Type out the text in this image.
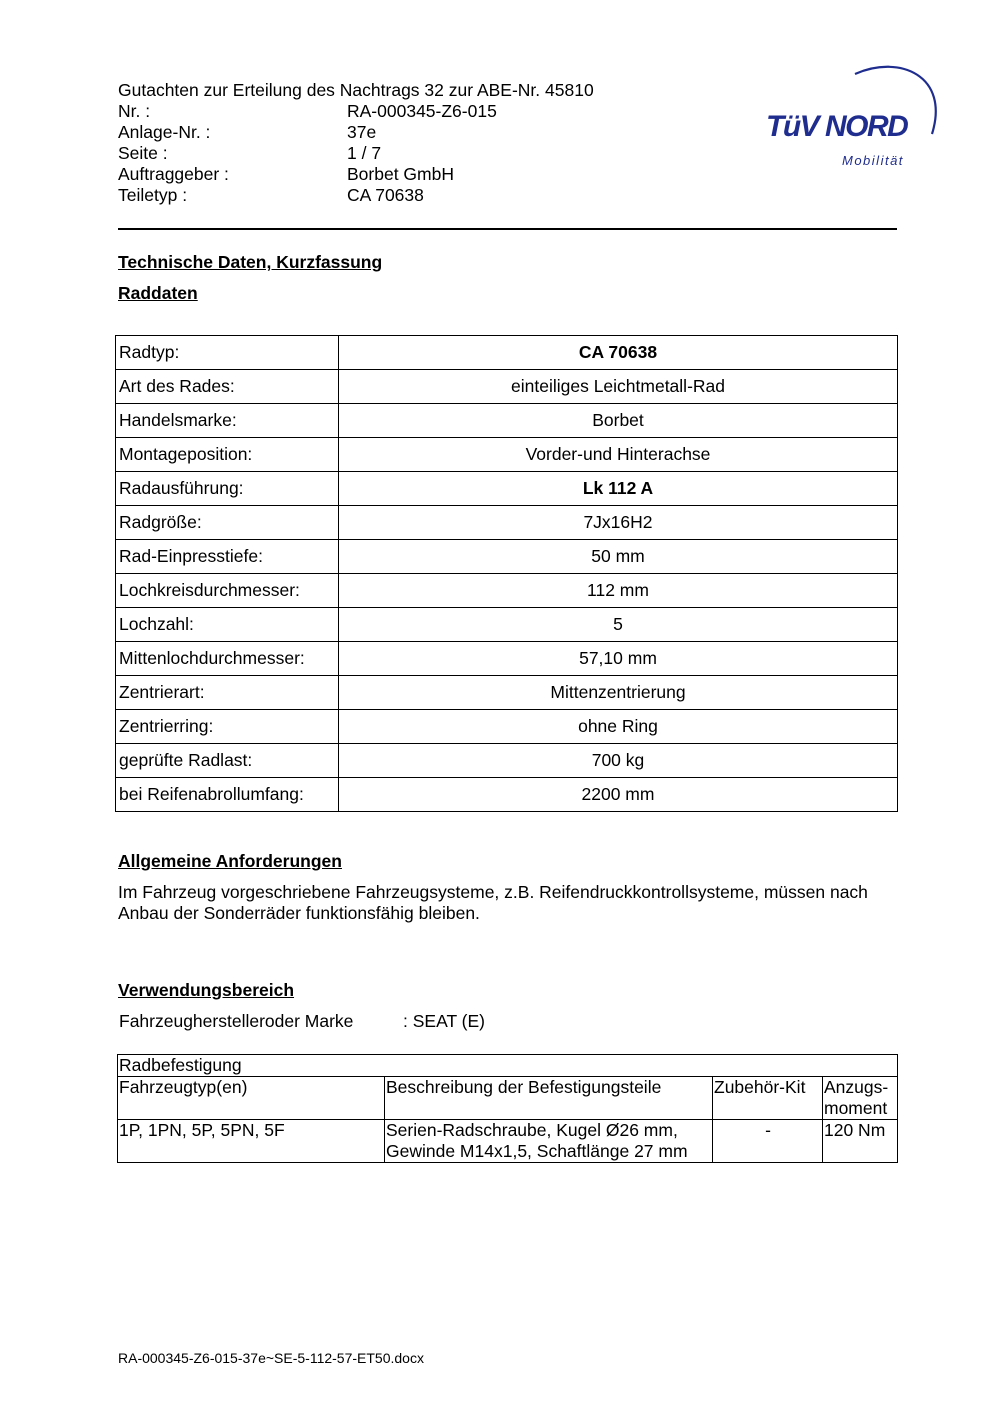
Gutachten zur Erteilung des Nachtrags 32 zur ABE-Nr. 45810
Nr. :	RA-000345-Z6-015
Anlage-Nr. :	37e
Seite :	1 / 7
Auftraggeber :	Borbet GmbH
Teiletyp :	CA 70638
TüV NORD
Mobilität
Technische Daten, Kurzfassung
Raddaten
Radtyp:	CA 70638
Art des Rades:	einteiliges Leichtmetall-Rad
Handelsmarke:	Borbet
Montageposition:	Vorder-und Hinterachse
Radausführung:	Lk 112 A
Radgröße:	7Jx16H2
Rad-Einpresstiefe:	50 mm
Lochkreisdurchmesser:	112 mm
Lochzahl:	5
Mittenlochdurchmesser:	57,10 mm
Zentrierart:	Mittenzentrierung
Zentrierring:	ohne Ring
geprüfte Radlast:	700 kg
bei Reifenabrollumfang:	2200 mm
Allgemeine Anforderungen
Im Fahrzeug vorgeschriebene Fahrzeugsysteme, z.B. Reifendruckkontrollsysteme, müssen nach Anbau der Sonderräder funktionsfähig bleiben.
Verwendungsbereich
Fahrzeugherstelleroder Marke	: SEAT (E)
Radbefestigung			
Fahrzeugtyp(en)	Beschreibung der Befestigungsteile	Zubehör-Kit	Anzugs-
moment

1P, 1PN, 5P, 5PN, 5F	Serien-Radschraube, Kugel Ø26 mm,
Gewinde M14x1,5, Schaftlänge 27 mm	-	120 Nm
RA-000345-Z6-015-37e~SE-5-112-57-ET50.docx
